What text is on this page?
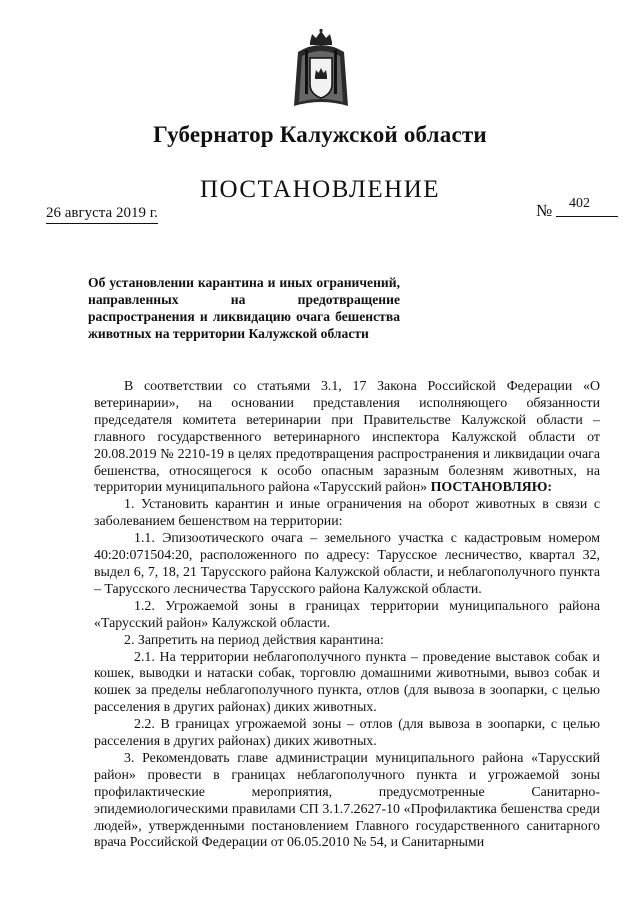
Губернатор Калужской области
ПОСТАНОВЛЕНИЕ
26 августа 2019 г.	№ 402
Об установлении карантина и иных ограничений, направленных на предотвращение распространения и ликвидацию очага бешенства животных на территории Калужской области

В соответствии со статьями 3.1, 17 Закона Российской Федерации «О ветеринарии», на основании представления исполняющего обязанности председателя комитета ветеринарии при Правительстве Калужской области – главного государственного ветеринарного инспектора Калужской области от 20.08.2019 № 2210-19 в целях предотвращения распространения и ликвидации очага бешенства, относящегося к особо опасным заразным болезням животных, на территории муниципального района «Тарусский район» ПОСТАНОВЛЯЮ:

1. Установить карантин и иные ограничения на оборот животных в связи с заболеванием бешенством на территории:

1.1. Эпизоотического очага – земельного участка с кадастровым номером 40:20:071504:20, расположенного по адресу: Тарусское лесничество, квартал 32, выдел 6, 7, 18, 21 Тарусского района Калужской области, и неблагополучного пункта – Тарусского лесничества Тарусского района Калужской области.

1.2. Угрожаемой зоны в границах территории муниципального района «Тарусский район» Калужской области.

2. Запретить на период действия карантина:

2.1. На территории неблагополучного пункта – проведение выставок собак и кошек, выводки и натаски собак, торговлю домашними животными, вывоз собак и кошек за пределы неблагополучного пункта, отлов (для вывоза в зоопарки, с целью расселения в других районах) диких животных.

2.2. В границах угрожаемой зоны – отлов (для вывоза в зоопарки, с целью расселения в других районах) диких животных.

3. Рекомендовать главе администрации муниципального района «Тарусский район» провести в границах неблагополучного пункта и угрожаемой зоны профилактические мероприятия, предусмотренные Санитарно-эпидемиологическими правилами СП 3.1.7.2627-10 «Профилактика бешенства среди людей», утвержденными постановлением Главного государственного санитарного врача Российской Федерации от 06.05.2010 № 54, и Санитарными
